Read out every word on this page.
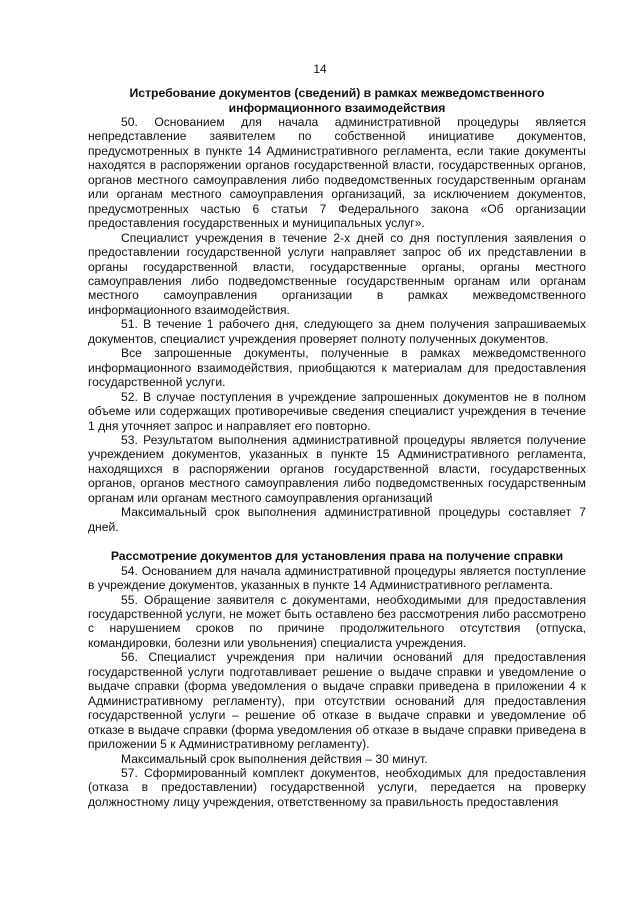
14
Истребование документов (сведений) в рамках межведомственного информационного взаимодействия

50. Основанием для начала административной процедуры является непредставление заявителем по собственной инициативе документов, предусмотренных в пункте 14 Административного регламента, если такие документы находятся в распоряжении органов государственной власти, государственных органов, органов местного самоуправления либо подведомственных государственным органам или органам местного самоуправления организаций, за исключением документов, предусмотренных частью 6 статьи 7 Федерального закона «Об организации предоставления государственных и муниципальных услуг».

Специалист учреждения в течение 2-х дней со дня поступления заявления о предоставлении государственной услуги направляет запрос об их представлении в органы государственной власти, государственные органы, органы местного самоуправления либо подведомственные государственным органам или органам местного самоуправления организации в рамках межведомственного информационного взаимодействия.

51. В течение 1 рабочего дня, следующего за днем получения запрашиваемых документов, специалист учреждения проверяет полноту полученных документов.

Все запрошенные документы, полученные в рамках межведомственного информационного взаимодействия, приобщаются к материалам для предоставления государственной услуги.

52. В случае поступления в учреждение запрошенных документов не в полном объеме или содержащих противоречивые сведения специалист учреждения в течение 1 дня уточняет запрос и направляет его повторно.

53. Результатом выполнения административной процедуры является получение учреждением документов, указанных в пункте 15 Административного регламента, находящихся в распоряжении органов государственной власти, государственных органов, органов местного самоуправления либо подведомственных государственным органам или органам местного самоуправления организаций

Максимальный срок выполнения административной процедуры составляет 7 дней.

Рассмотрение документов для установления права на получение справки

54. Основанием для начала административной процедуры является поступление в учреждение документов, указанных в пункте 14 Административного регламента.

55. Обращение заявителя с документами, необходимыми для предоставления государственной услуги, не может быть оставлено без рассмотрения либо рассмотрено с нарушением сроков по причине продолжительного отсутствия (отпуска, командировки, болезни или увольнения) специалиста учреждения.

56. Специалист учреждения при наличии оснований для предоставления государственной услуги подготавливает решение о выдаче справки и уведомление о выдаче справки (форма уведомления о выдаче справки приведена в приложении 4 к Административному регламенту), при отсутствии оснований для предоставления государственной услуги – решение об отказе в выдаче справки и уведомление об отказе в выдаче справки (форма уведомления об отказе в выдаче справки приведена в приложении 5 к Административному регламенту).

Максимальный срок выполнения действия – 30 минут.

57. Сформированный комплект документов, необходимых для предоставления (отказа в предоставлении) государственной услуги, передается на проверку должностному лицу учреждения, ответственному за правильность предоставления
